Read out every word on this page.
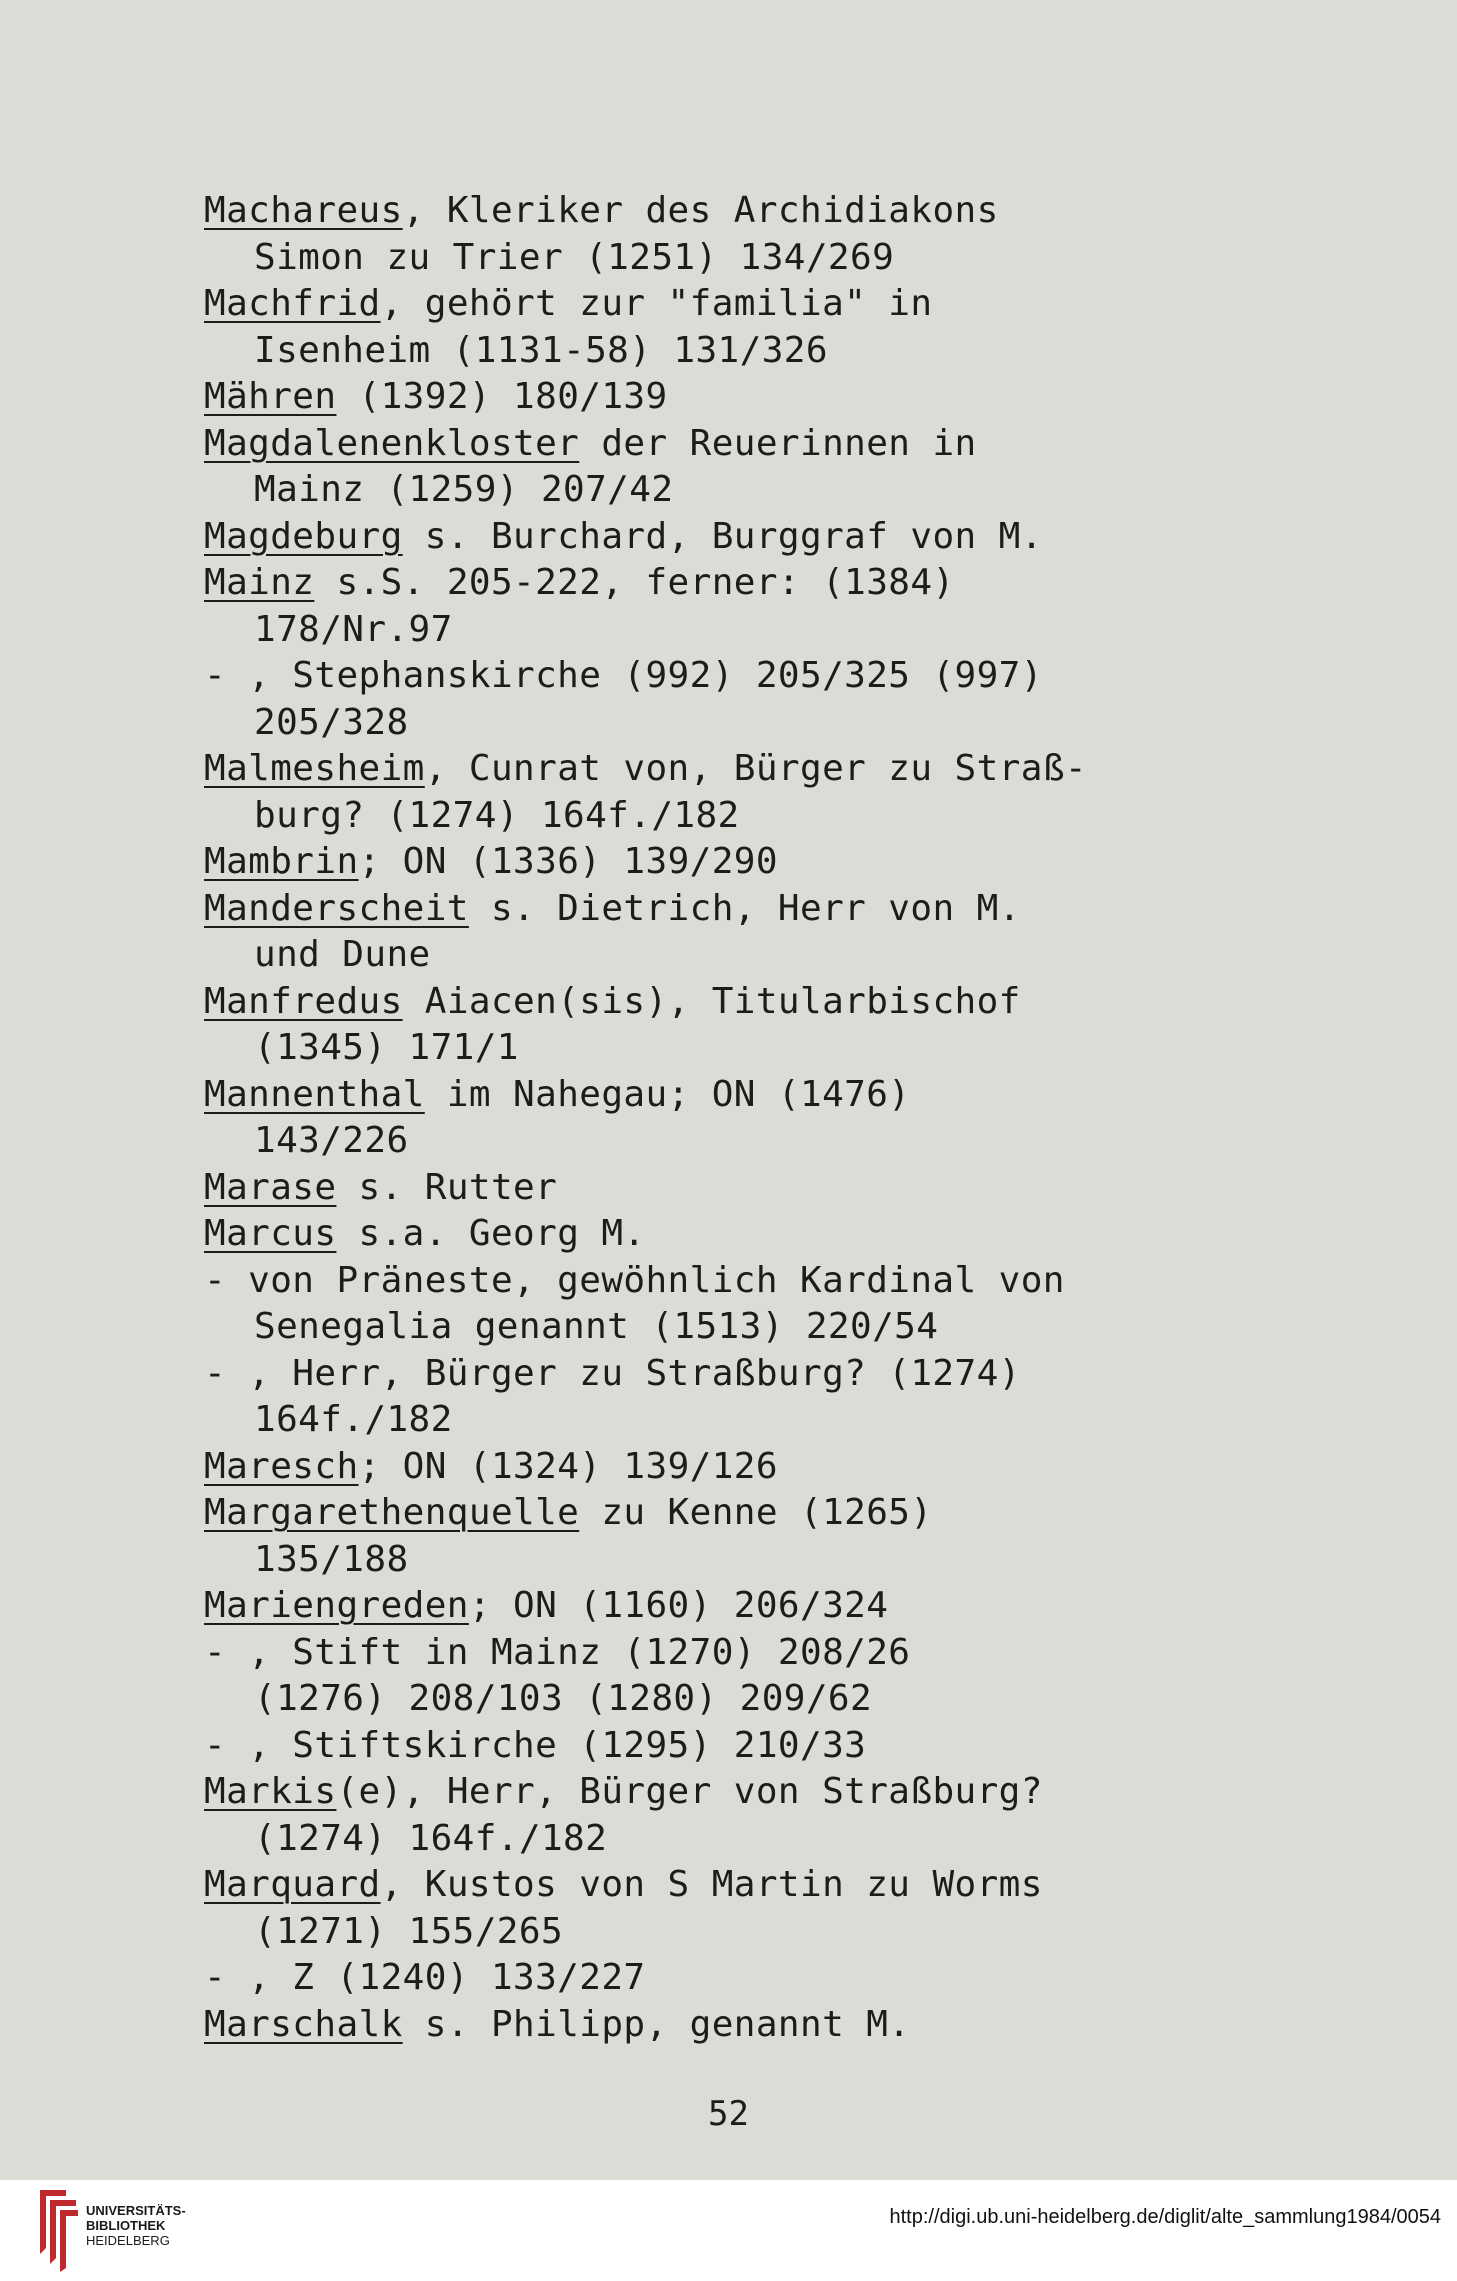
Machareus, Kleriker des Archidiakons
Simon zu Trier (1251) 134/269
Machfrid, gehört zur "familia" in
Isenheim (1131-58) 131/326
Mähren (1392) 180/139
Magdalenenkloster der Reuerinnen in
Mainz (1259) 207/42
Magdeburg s. Burchard, Burggraf von M.
Mainz s.S. 205-222, ferner: (1384)
178/Nr.97
- , Stephanskirche (992) 205/325 (997)
205/328
Malmesheim, Cunrat von, Bürger zu Straß-
burg? (1274) 164f./182
Mambrin; ON (1336) 139/290
Manderscheit s. Dietrich, Herr von M.
und Dune
Manfredus Aiacen(sis), Titularbischof
(1345) 171/1
Mannenthal im Nahegau; ON (1476)
143/226
Marase s. Rutter
Marcus s.a. Georg M.
- von Präneste, gewöhnlich Kardinal von
Senegalia genannt (1513) 220/54
- , Herr, Bürger zu Straßburg? (1274)
164f./182
Maresch; ON (1324) 139/126
Margarethenquelle zu Kenne (1265)
135/188
Mariengreden; ON (1160) 206/324
- , Stift in Mainz (1270) 208/26
(1276) 208/103 (1280) 209/62
- , Stiftskirche (1295) 210/33
Markis(e), Herr, Bürger von Straßburg?
(1274) 164f./182
Marquard, Kustos von S Martin zu Worms
(1271) 155/265
- , Z (1240) 133/227
Marschalk s. Philipp, genannt M.
52
UNIVERSITÄTS-
BIBLIOTHEK
HEIDELBERG
http://digi.ub.uni-heidelberg.de/diglit/alte_sammlung1984/0054
